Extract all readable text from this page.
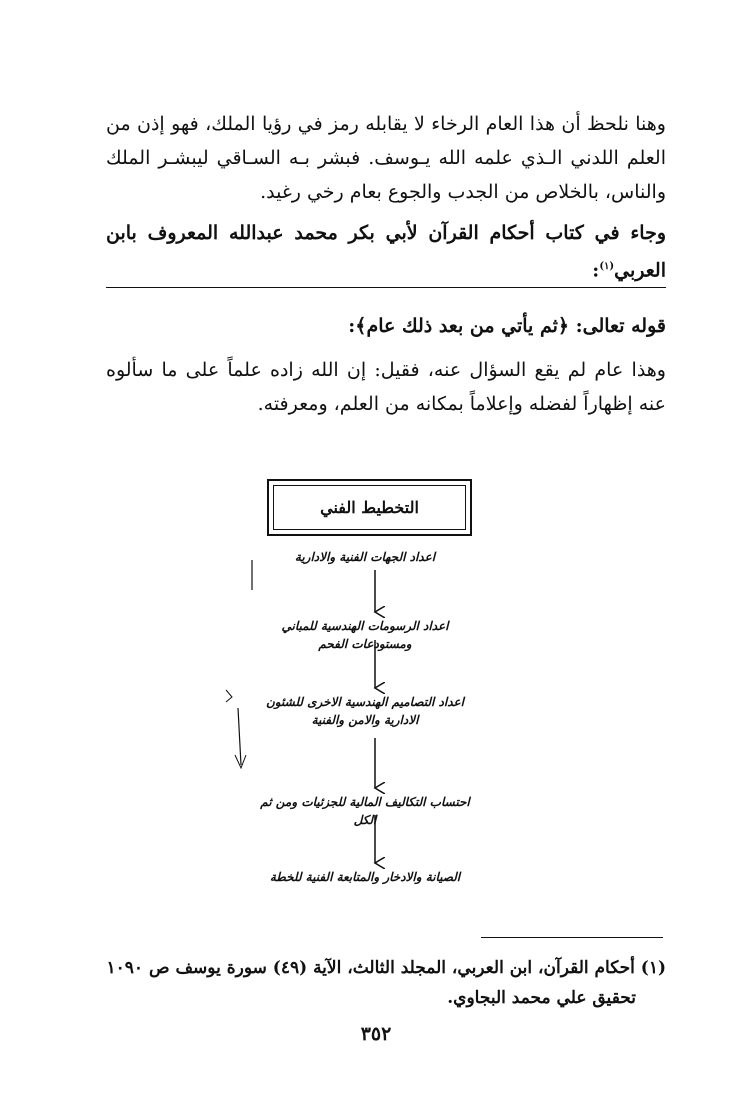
وهنا نلحظ أن هذا العام الرخاء لا يقابله رمز في رؤيا الملك، فهو إذن من العلم اللدني الـذي علمه الله يـوسف. فبشر بـه السـاقي ليبشـر الملك والناس، بالخلاص من الجدب والجوع بعام رخي رغيد.

وجاء في كتاب أحكام القرآن لأبي بكر محمد عبدالله المعروف بابن العربي$^{(١)}$:

قوله تعالى: ﴿ثم يأتي من بعد ذلك عام﴾:

وهذا عام لم يقع السؤال عنه، فقيل: إن الله زاده علماً على ما سألوه عنه إظهاراً لفضله وإعلاماً بمكانه من العلم، ومعرفته.

التخطيط الفني
اعداد الجهات الفنية والادارية
اعداد الرسومات الهندسية للمباني ومستودعات الفحم
اعداد التصاميم الهندسية الاخرى للشئون الادارية والامن والفنية
احتساب التكاليف المالية للجزئيات ومن ثم الكل
الصيانة والادخار والمتابعة الفنية للخطة
(١) أحكام القرآن، ابن العربي، المجلد الثالث، الآية (٤٩) سورة يوسف ص ١٠٩٠
تحقيق علي محمد البجاوي.
٣٥٢
